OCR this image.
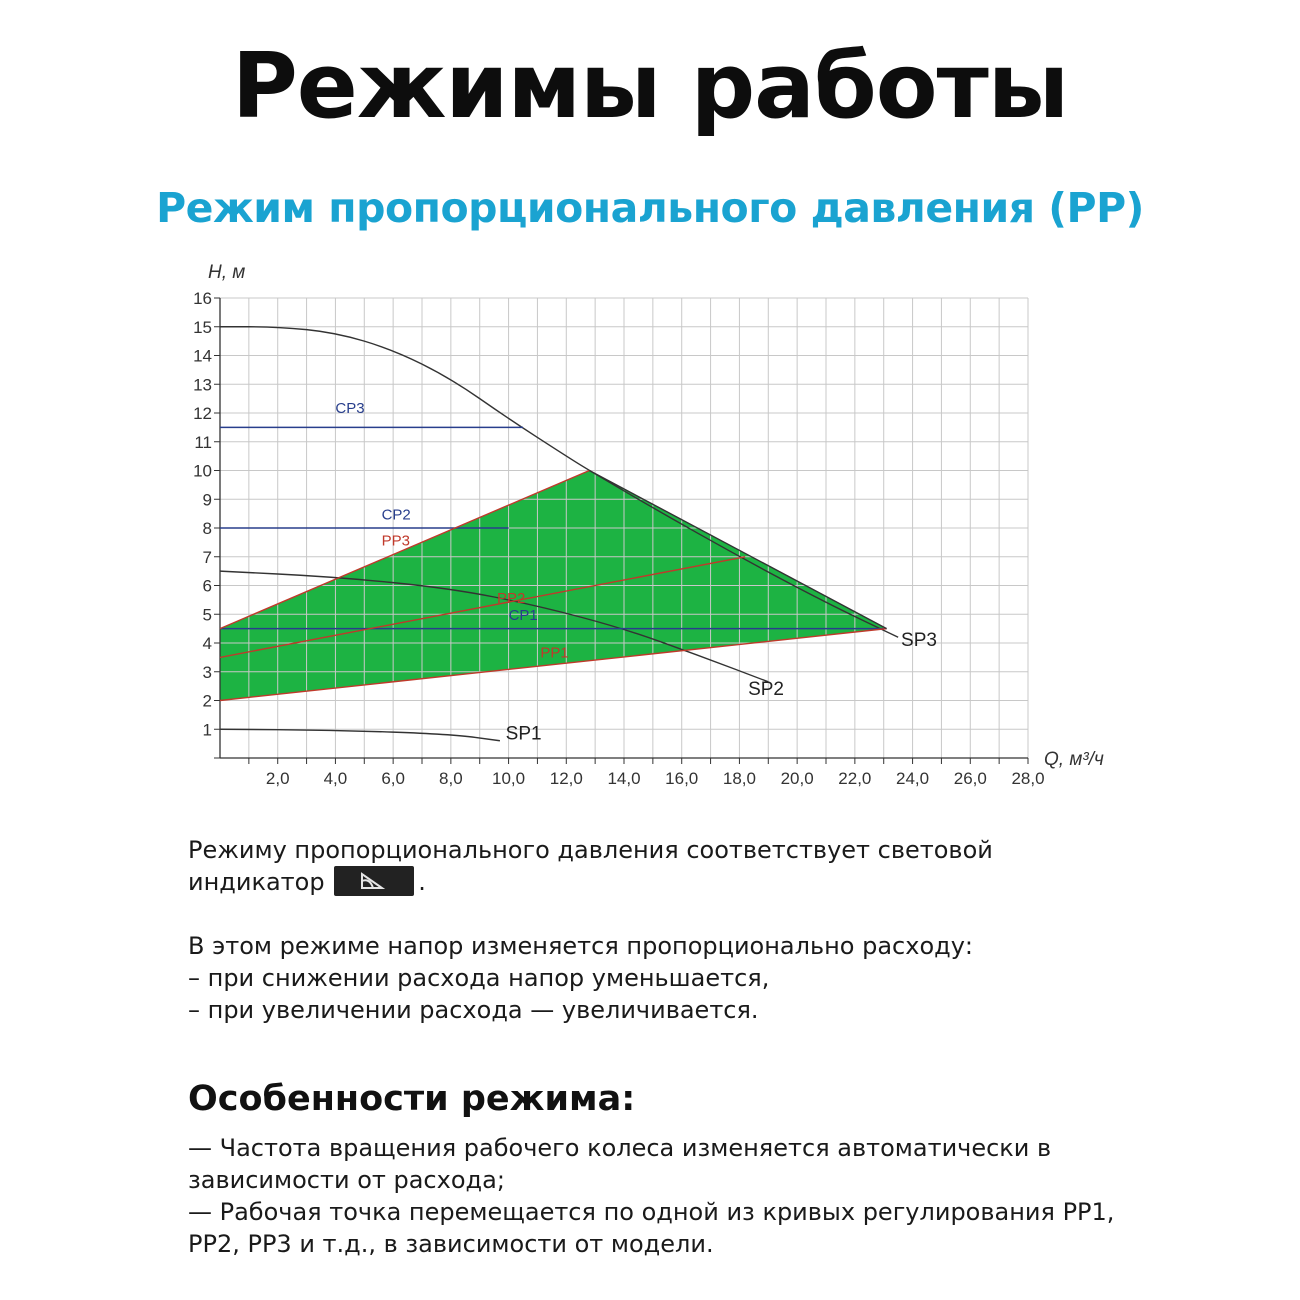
Режимы работы
Режим пропорционального давления (PP)
2,0 4,0 6,0 8,0 10,0 12,0 14,0 16,0 18,0 20,0 22,0 24,0 26,0 28,0
1
2
3
4
5
6
7
8
9
10
11
12
13
14
15
16
Н, м
Q, м³/ч
CP3
CP2
CP1
PP3
PP2
PP1
SP1
SP2
SP3
Режиму пропорционального давления соответствует световой
индикатор	.
В этом режиме напор изменяется пропорционально расходу:
– при снижении расхода напор уменьшается,
– при увеличении расхода — увеличивается.
Особенности режима:
— Частота вращения рабочего колеса изменяется автоматически в
зависимости от расхода;
— Рабочая точка перемещается по одной из кривых регулирования PP1,
PP2, PP3 и т.д., в зависимости от модели.
